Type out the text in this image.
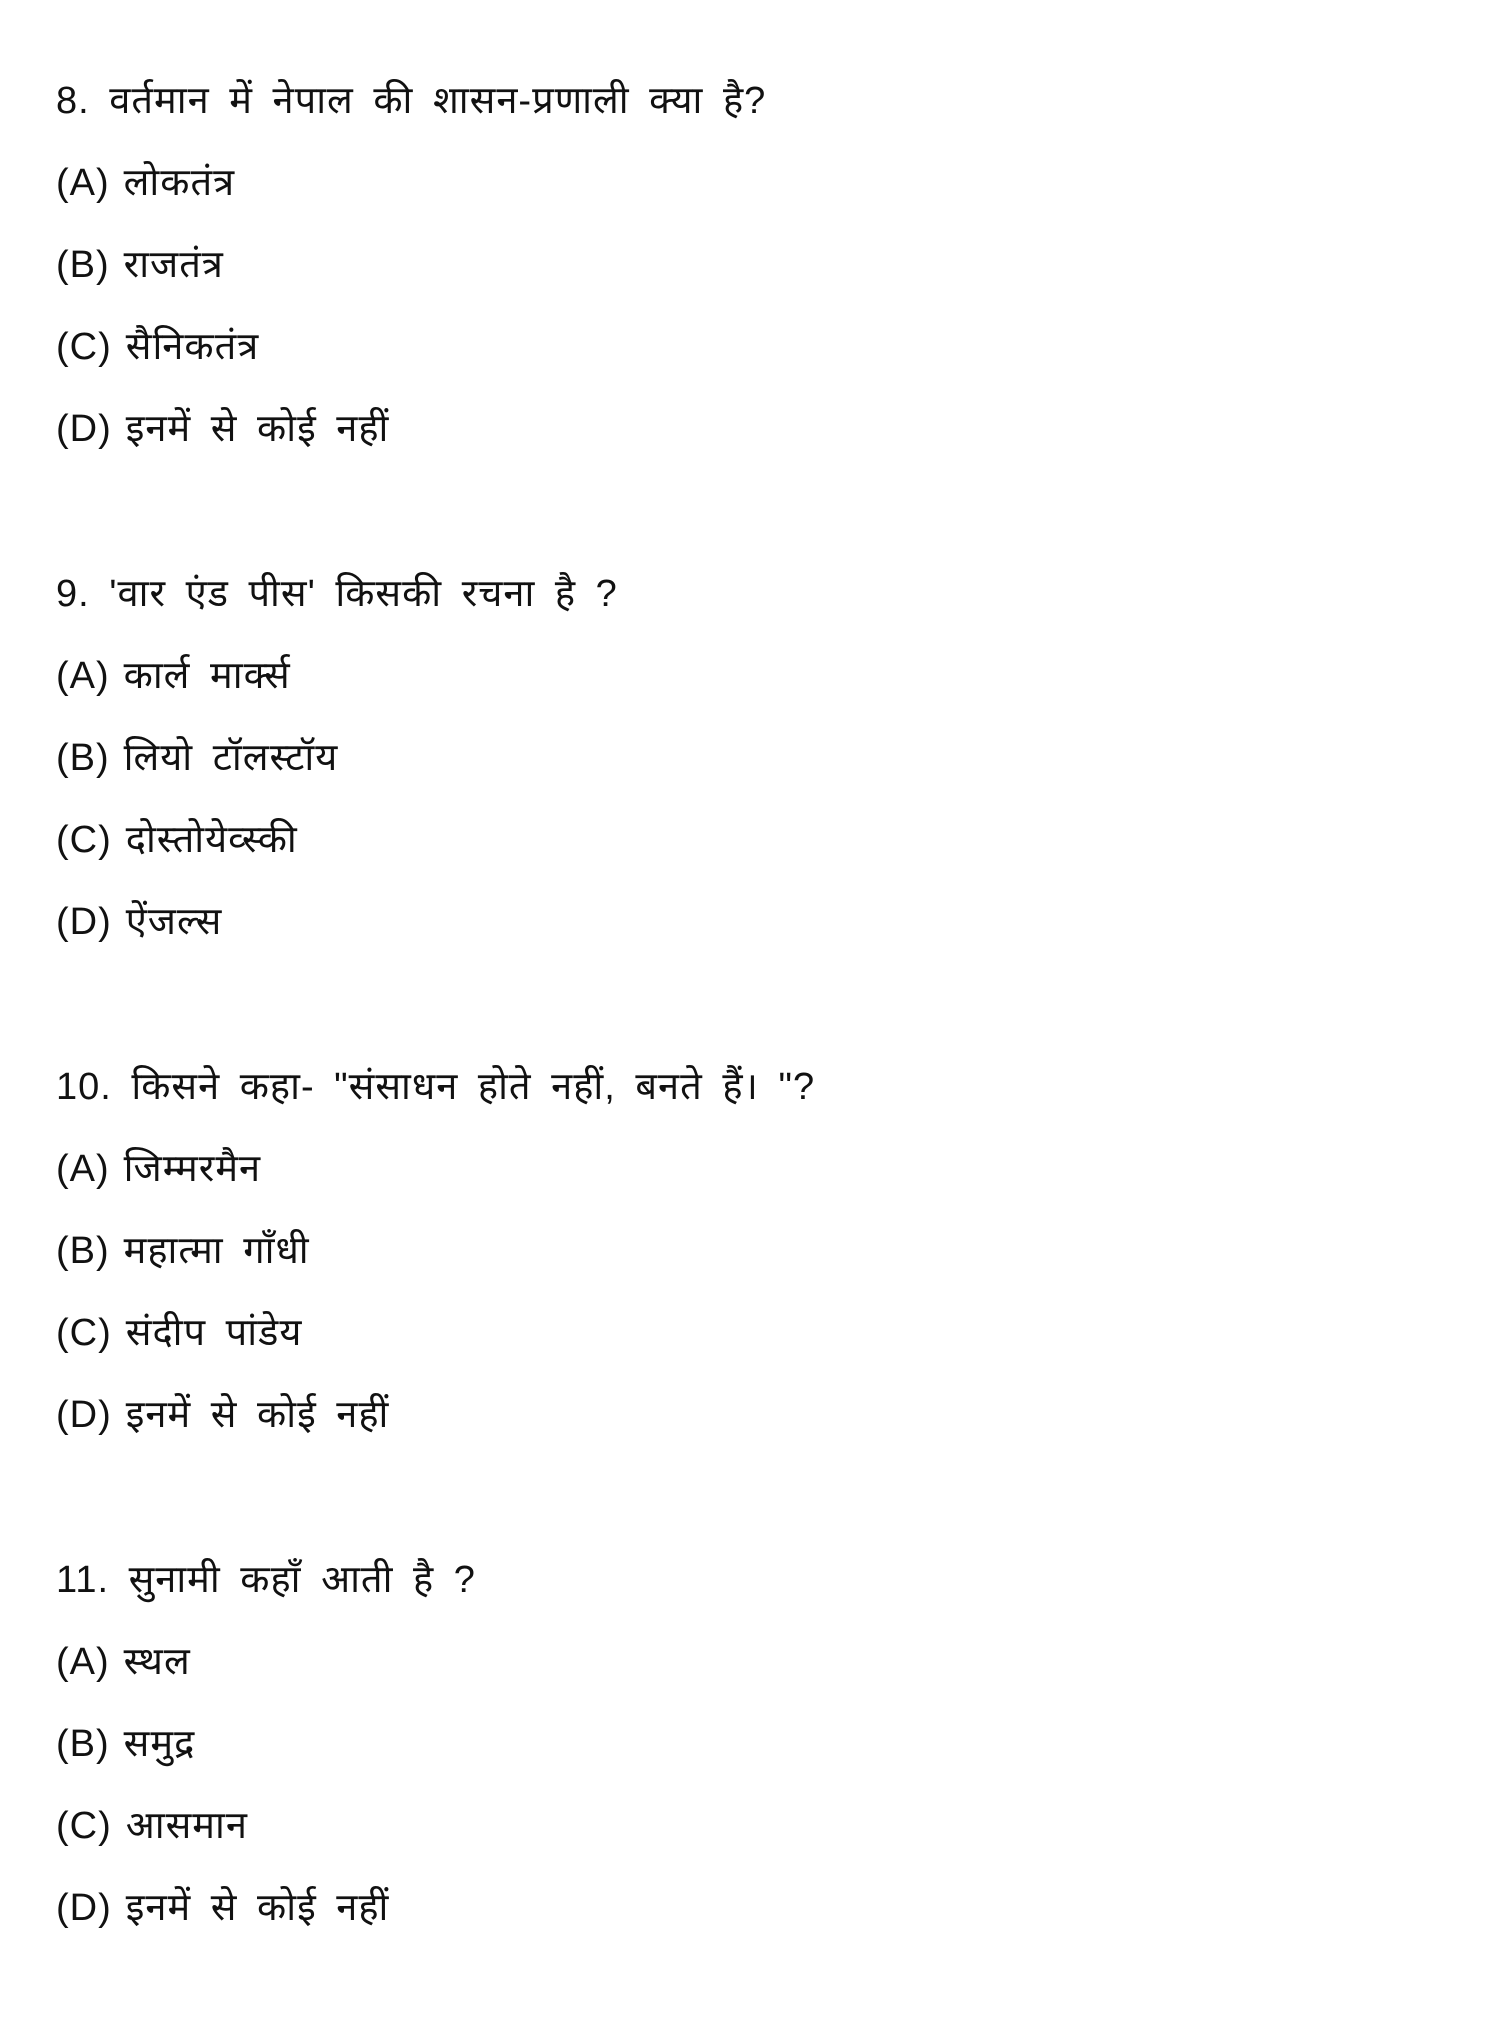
8. वर्तमान में नेपाल की शासन-प्रणाली क्या है?
(A) लोकतंत्र
(B) राजतंत्र
(C) सैनिकतंत्र
(D) इनमें से कोई नहीं
9. 'वार एंड पीस' किसकी रचना है ?
(A) कार्ल मार्क्स
(B) लियो टॉलस्टॉय
(C) दोस्तोयेव्स्की
(D) ऐंजल्स
10. किसने कहा- "संसाधन होते नहीं, बनते हैं। "?
(A) जिम्मरमैन
(B) महात्मा गाँधी
(C) संदीप पांडेय
(D) इनमें से कोई नहीं
11. सुनामी कहाँ आती है ?
(A) स्थल
(B) समुद्र
(C) आसमान
(D) इनमें से कोई नहीं
